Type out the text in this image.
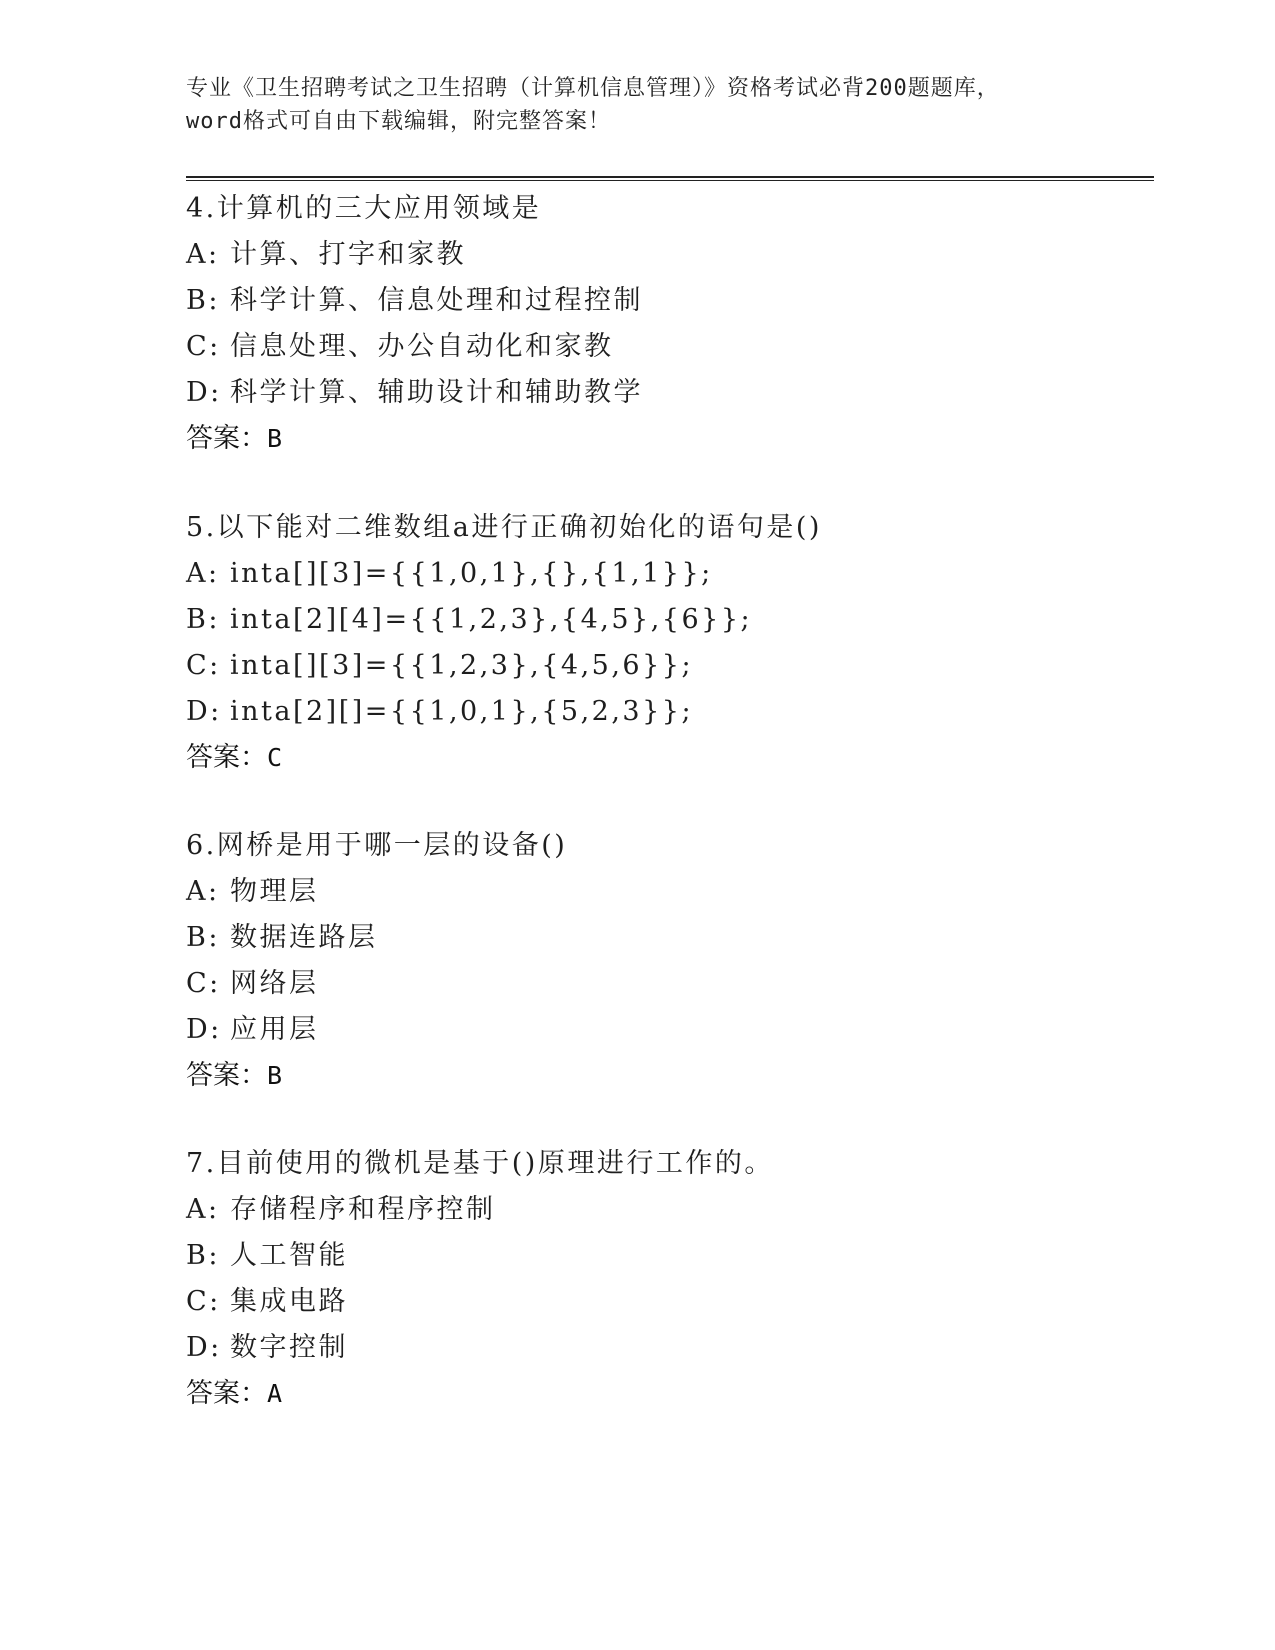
专业《卫生招聘考试之卫生招聘（计算机信息管理）》资格考试必背200题题库，
word格式可自由下载编辑，附完整答案！
4.计算机的三大应用领域是
A: 计算、打字和家教
B: 科学计算、信息处理和过程控制
C: 信息处理、办公自动化和家教
D: 科学计算、辅助设计和辅助教学
答案：B
5.以下能对二维数组a进行正确初始化的语句是()
A: inta[][3]={{1,0,1},{},{1,1}};
B: inta[2][4]={{1,2,3},{4,5},{6}};
C: inta[][3]={{1,2,3},{4,5,6}};
D: inta[2][]={{1,0,1},{5,2,3}};
答案：C
6.网桥是用于哪一层的设备()
A: 物理层
B: 数据连路层
C: 网络层
D: 应用层
答案：B
7.目前使用的微机是基于()原理进行工作的。
A: 存储程序和程序控制
B: 人工智能
C: 集成电路
D: 数字控制
答案：A
